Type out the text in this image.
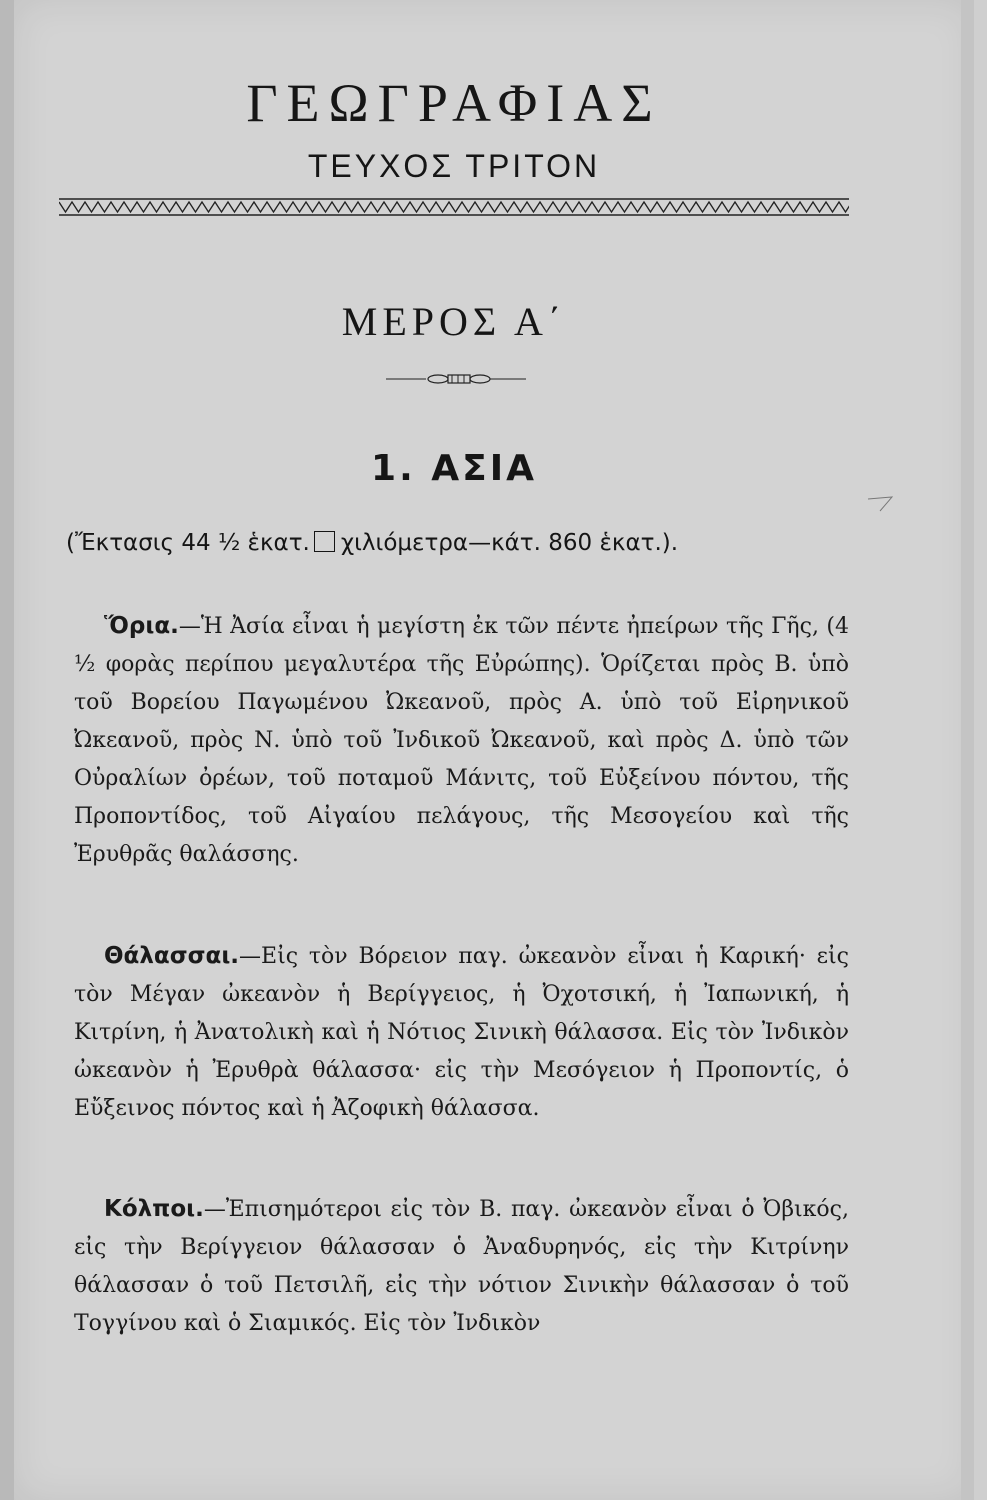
ΓΕΩΓΡΑΦΙΑΣ
ΤΕΥΧΟΣ ΤΡΙΤΟΝ
ΜΕΡΟΣ Α΄
1. ΑΣΙΑ
(Ἔκτασις 44 ½ ἑκατ. χιλιόμετρα—κάτ. 860 ἑκατ.).

Ὅρια.—Ἡ Ἀσία εἶναι ἡ μεγίστη ἐκ τῶν πέντε ἠπείρων τῆς Γῆς, (4 ½ φορὰς περίπου μεγαλυτέρα τῆς Εὐρώπης). Ὁρίζεται πρὸς Β. ὑπὸ τοῦ Βορείου Παγωμένου Ὠκεανοῦ, πρὸς Α. ὑπὸ τοῦ Εἰρηνικοῦ Ὠκεανοῦ, πρὸς Ν. ὑπὸ τοῦ Ἰνδικοῦ Ὠκεανοῦ, καὶ πρὸς Δ. ὑπὸ τῶν Οὐραλίων ὀρέων, τοῦ ποταμοῦ Μάνιτς, τοῦ Εὐξείνου πόντου, τῆς Προποντίδος, τοῦ Αἰγαίου πελάγους, τῆς Μεσογείου καὶ τῆς Ἐρυθρᾶς θαλάσσης.

Θάλασσαι.—Εἰς τὸν Βόρειον παγ. ὠκεανὸν εἶναι ἡ Καρική· εἰς τὸν Μέγαν ὠκεανὸν ἡ Βερίγγειος, ἡ Ὀχοτσική, ἡ Ἰαπωνική, ἡ Κιτρίνη, ἡ Ἀνατολικὴ καὶ ἡ Νότιος Σινικὴ θάλασσα. Εἰς τὸν Ἰνδικὸν ὠκεανὸν ἡ Ἐρυθρὰ θάλασσα· εἰς τὴν Μεσόγειον ἡ Προποντίς, ὁ Εὔξεινος πόντος καὶ ἡ Ἀζοφικὴ θάλασσα.

Κόλποι.—Ἐπισημότεροι εἰς τὸν Β. παγ. ὠκεανὸν εἶναι ὁ Ὀβικός, εἰς τὴν Βερίγγειον θάλασσαν ὁ Ἀναδυρηνός, εἰς τὴν Κιτρίνην θάλασσαν ὁ τοῦ Πετσιλῆ, εἰς τὴν νότιον Σινικὴν θάλασσαν ὁ τοῦ Τογγίνου καὶ ὁ Σιαμικός. Εἰς τὸν Ἰνδικὸν
